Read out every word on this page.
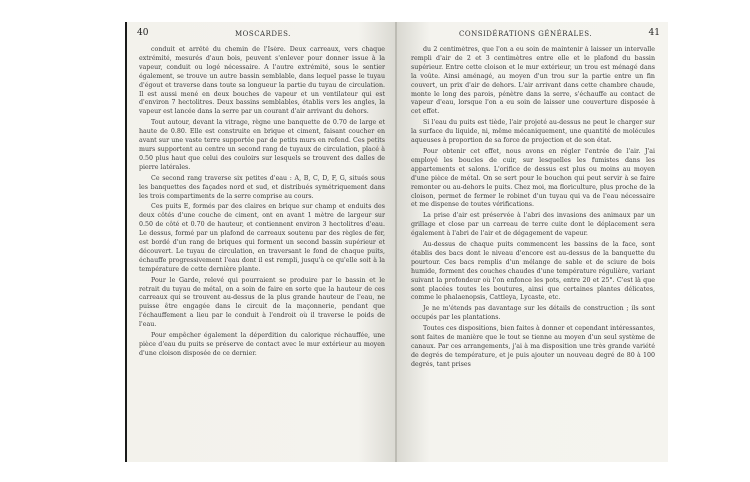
40	MOSCARDES.

conduit et arrêté du chemin de l'Isère. Deux carreaux, vers chaque extrémité, mesurés d'aun bois, peuvent s'enlever pour donner issue à la vapeur, conduit ou logé nécessaire. A l'autre extrémité, sous le sentier également, se trouve un autre bassin semblable, dans lequel passe le tuyau d'égout et traverse dans toute sa longueur la partie du tuyau de circulation. Il est aussi mené en deux bouches de vapeur et un ventilateur qui est d'environ 7 hectolitres. Deux bassins semblables, établis vers les angles, la vapeur est lancée dans la serre par un courant d'air arrivant du dehors.

Tout autour, devant la vitrage, règne une banquette de 0.70 de large et haute de 0.80. Elle est construite en brique et ciment, faisant coucher en avant sur une vaste terre supportée par de petits murs en refend. Ces petits murs supportent au centre un second rang de tuyaux de circulation, placé à 0.50 plus haut que celui des couloirs sur lesquels se trouvent des dalles de pierre latérales.

Ce second rang traverse six petites d'eau : A, B, C, D, F, G, situés sous les banquettes des façades nord et sud, et distribués symétriquement dans les trois compartiments de la serre comprise au cours.

Ces puits E, formés par des claires en brique sur champ et enduits des deux côtés d'une couche de ciment, ont en avant 1 mètre de largeur sur 0.50 de côté et 0.70 de hauteur, et contiennent environ 3 hectolitres d'eau. Le dessus, formé par un plafond de carreaux soutenu par des règles de fer, est bordé d'un rang de briques qui forment un second bassin supérieur et découvert. Le tuyau de circulation, en traversant le fond de chaque puits, échauffe progressivement l'eau dont il est rempli, jusqu'à ce qu'elle soit à la température de cette dernière plante.

Pour le Garde, relevé qui pourraient se produire par le bassin et le retrait du tuyau de métal, on a soin de faire en sorte que la hauteur de ces carreaux qui se trouvent au-dessus de la plus grande hauteur de l'eau, ne puisse être engagée dans le circuit de la maçonnerie, pendant que l'échauffement a lieu par le conduit à l'endroit où il traverse le poids de l'eau.

Pour empêcher également la déperdition du calorique réchauffée, une pièce d'eau du puits se préserve de contact avec le mur extérieur au moyen d'une cloison disposée de ce dernier.

CONSIDÉRATIONS GÉNÉRALES.	41

du 2 centimètres, que l'on a eu soin de maintenir à laisser un intervalle rempli d'air de 2 et 3 centimètres entre elle et le plafond du bassin supérieur. Entre cette cloison et le mur extérieur, un trou est ménagé dans la voûte. Ainsi aménagé, au moyen d'un trou sur la partie entre un fin couvert, un prix d'air de dehors. L'air arrivant dans cette chambre chaude, monte le long des parois, pénètre dans la serre, s'échauffe au contact de vapeur d'eau, lorsque l'on a eu soin de laisser une couverture disposée à cet effet.

Si l'eau du puits est tiède, l'air projeté au-dessus ne peut le charger sur la surface du liquide, ni, même mécaniquement, une quantité de molécules aqueuses à proportion de sa force de projection et de son état.

Pour obtenir cet effet, nous avons en régler l'entrée de l'air. J'ai employé les boucles de cuir, sur lesquelles les fumistes dans les appartements et salons. L'orifice de dessus est plus ou moins au moyen d'une pièce de métal. On se sert pour le bouchon qui peut servir à se faire remonter ou au-dehors le puits. Chez moi, ma floriculture, plus proche de la cloison, permet de fermer le robinet d'un tuyau qui va de l'eau nécessaire et me dispense de toutes vérifications.

La prise d'air est préservée à l'abri des invasions des animaux par un grillage et close par un carreau de terre cuite dont le déplacement sera également à l'abri de l'air et de dégagement de vapeur.

Au-dessus de chaque puits commencent les bassins de la face, sont établis des bacs dont le niveau d'encore est au-dessus de la banquette du pourtour. Ces bacs remplis d'un mélange de sable et de sciure de bois humide, forment des couches chaudes d'une température régulière, variant suivant la profondeur où l'on enfonce les pots, entre 20 et 25°. C'est là que sont placées toutes les boutures, ainsi que certaines plantes délicates, comme le phalaenopsis, Cattleya, Lycaste, etc.

Je ne m'étends pas davantage sur les détails de construction ; ils sont occupés par les plantations.

Toutes ces dispositions, bien faites à donner et cependant intéressantes, sont faites de manière que le tout se tienne au moyen d'un seul système de canaux. Par ces arrangements, j'ai à ma disposition une très grande variété de degrés de température, et je puis ajouter un nouveau degré de 80 à 100 degrés, tant prises
